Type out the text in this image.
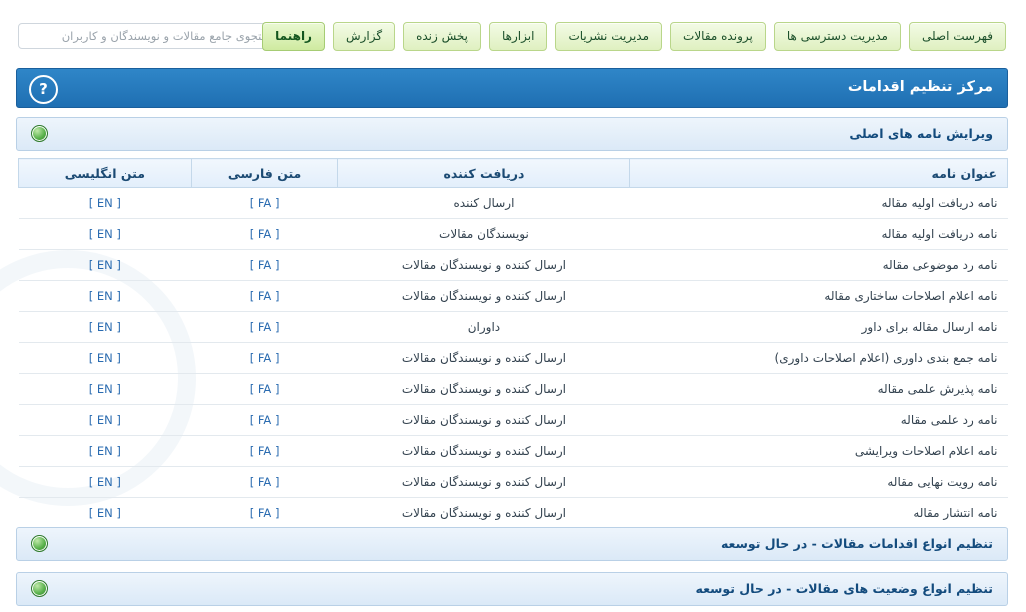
جستجوی جامع مقالات و نویسندگان و کاربران
فهرست اصلی
مدیریت دسترسی ها
پرونده مقالات
مدیریت نشریات
ابزارها
پخش زنده
گزارش
راهنما
مرکز تنظیم اقدامات
?
ویرایش نامه های اصلی
عنوان نامه	دریافت کننده	متن فارسی	متن انگلیسی
نامه دریافت اولیه مقاله	ارسال کننده	[ FA ]	[ EN ]
نامه دریافت اولیه مقاله	نویسندگان مقالات	[ FA ]	[ EN ]
نامه رد موضوعی مقاله	ارسال کننده و نویسندگان مقالات	[ FA ]	[ EN ]
نامه اعلام اصلاحات ساختاری مقاله	ارسال کننده و نویسندگان مقالات	[ FA ]	[ EN ]
نامه ارسال مقاله برای داور	داوران	[ FA ]	[ EN ]
نامه جمع بندی داوری (اعلام اصلاحات داوری)	ارسال کننده و نویسندگان مقالات	[ FA ]	[ EN ]
نامه پذیرش علمی مقاله	ارسال کننده و نویسندگان مقالات	[ FA ]	[ EN ]
نامه رد علمی مقاله	ارسال کننده و نویسندگان مقالات	[ FA ]	[ EN ]
نامه اعلام اصلاحات ویرایشی	ارسال کننده و نویسندگان مقالات	[ FA ]	[ EN ]
نامه رویت نهایی مقاله	ارسال کننده و نویسندگان مقالات	[ FA ]	[ EN ]
نامه انتشار مقاله	ارسال کننده و نویسندگان مقالات	[ FA ]	[ EN ]
تنظیم انواع اقدامات مقالات - در حال توسعه
تنظیم انواع وضعیت های مقالات - در حال توسعه
